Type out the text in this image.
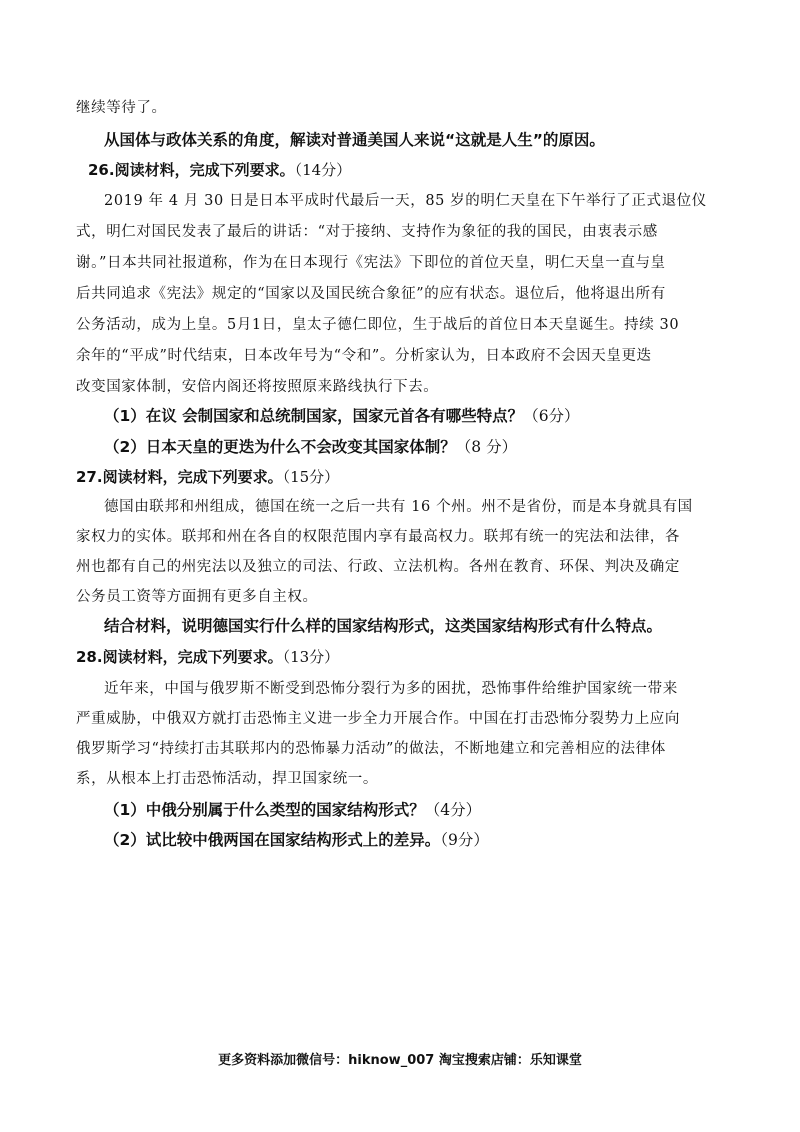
继续等待了。
从国体与政体关系的角度，解读对普通美国人来说“这就是人生”的原因。
26.阅读材料，完成下列要求。（14分）
2019 年 4 月 30 日是日本平成时代最后一天，85 岁的明仁天皇在下午举行了正式退位仪
式，明仁对国民发表了最后的讲话：“对于接纳、支持作为象征的我的国民，由衷表示感
谢。”日本共同社报道称，作为在日本现行《宪法》下即位的首位天皇，明仁天皇一直与皇
后共同追求《宪法》规定的“国家以及国民统合象征”的应有状态。退位后，他将退出所有
公务活动，成为上皇。5月1日，皇太子德仁即位，生于战后的首位日本天皇诞生。持续 30
余年的“平成”时代结束，日本改年号为“令和”。分析家认为，日本政府不会因天皇更迭
改变国家体制，安倍内阁还将按照原来路线执行下去。
（1）在议 会制国家和总统制国家，国家元首各有哪些特点？（6分）
（2）日本天皇的更迭为什么不会改变其国家体制？（8 分）
27.阅读材料，完成下列要求。（15分）
德国由联邦和州组成，德国在统一之后一共有 16 个州。州不是省份，而是本身就具有国
家权力的实体。联邦和州在各自的权限范围内享有最高权力。联邦有统一的宪法和法律，各
州也都有自己的州宪法以及独立的司法、行政、立法机构。各州在教育、环保、判决及确定
公务员工资等方面拥有更多自主权。
结合材料，说明德国实行什么样的国家结构形式，这类国家结构形式有什么特点。
28.阅读材料，完成下列要求。（13分）
近年来，中国与俄罗斯不断受到恐怖分裂行为多的困扰，恐怖事件给维护国家统一带来
严重威胁，中俄双方就打击恐怖主义进一步全力开展合作。中国在打击恐怖分裂势力上应向
俄罗斯学习“持续打击其联邦内的恐怖暴力活动”的做法，不断地建立和完善相应的法律体
系，从根本上打击恐怖活动，捍卫国家统一。
（1）中俄分别属于什么类型的国家结构形式？（4分）
（2）试比较中俄两国在国家结构形式上的差异。（9分）
更多资料添加微信号：hiknow_007 淘宝搜索店铺：乐知课堂
